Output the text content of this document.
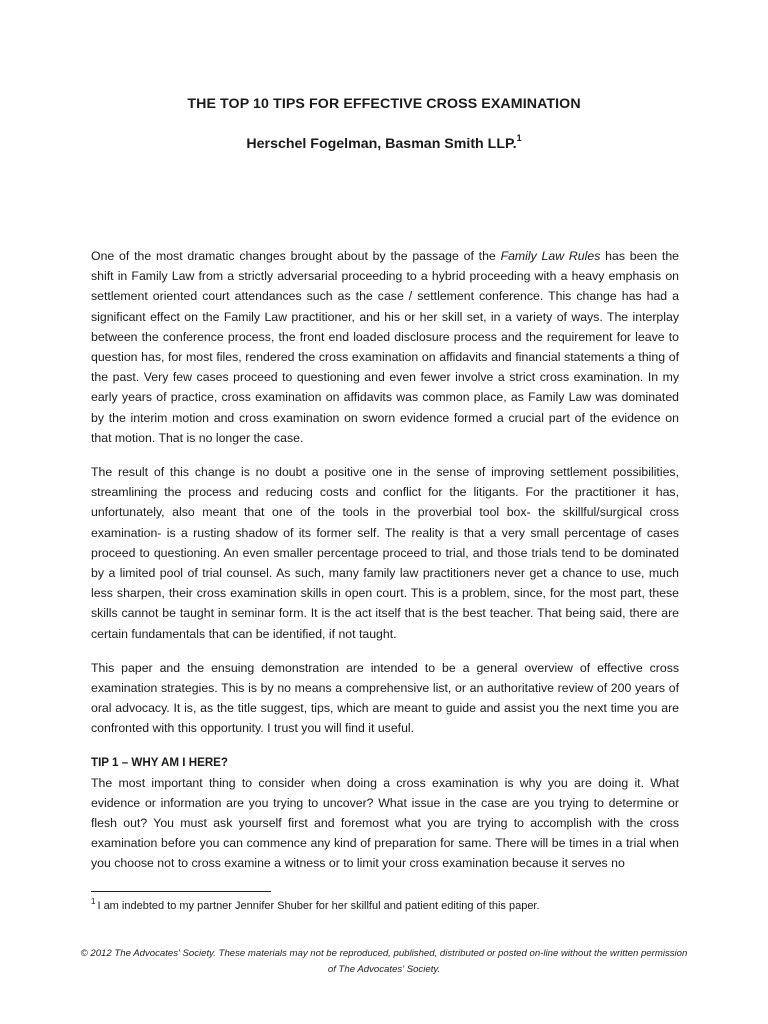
THE TOP 10 TIPS FOR EFFECTIVE CROSS EXAMINATION
Herschel Fogelman, Basman Smith LLP.$^1$

One of the most dramatic changes brought about by the passage of the Family Law Rules has been the shift in Family Law from a strictly adversarial proceeding to a hybrid proceeding with a heavy emphasis on settlement oriented court attendances such as the case / settlement conference. This change has had a significant effect on the Family Law practitioner, and his or her skill set, in a variety of ways. The interplay between the conference process, the front end loaded disclosure process and the requirement for leave to question has, for most files, rendered the cross examination on affidavits and financial statements a thing of the past. Very few cases proceed to questioning and even fewer involve a strict cross examination. In my early years of practice, cross examination on affidavits was common place, as Family Law was dominated by the interim motion and cross examination on sworn evidence formed a crucial part of the evidence on that motion. That is no longer the case.

The result of this change is no doubt a positive one in the sense of improving settlement possibilities, streamlining the process and reducing costs and conflict for the litigants. For the practitioner it has, unfortunately, also meant that one of the tools in the proverbial tool box- the skillful/surgical cross examination- is a rusting shadow of its former self. The reality is that a very small percentage of cases proceed to questioning. An even smaller percentage proceed to trial, and those trials tend to be dominated by a limited pool of trial counsel. As such, many family law practitioners never get a chance to use, much less sharpen, their cross examination skills in open court. This is a problem, since, for the most part, these skills cannot be taught in seminar form. It is the act itself that is the best teacher. That being said, there are certain fundamentals that can be identified, if not taught.

This paper and the ensuing demonstration are intended to be a general overview of effective cross examination strategies. This is by no means a comprehensive list, or an authoritative review of 200 years of oral advocacy. It is, as the title suggest, tips, which are meant to guide and assist you the next time you are confronted with this opportunity. I trust you will find it useful.

TIP 1 – WHY AM I HERE?

The most important thing to consider when doing a cross examination is why you are doing it. What evidence or information are you trying to uncover? What issue in the case are you trying to determine or flesh out? You must ask yourself first and foremost what you are trying to accomplish with the cross examination before you can commence any kind of preparation for same. There will be times in a trial when you choose not to cross examine a witness or to limit your cross examination because it serves no

$^1$ I am indebted to my partner Jennifer Shuber for her skillful and patient editing of this paper.
© 2012 The Advocates' Society. These materials may not be reproduced, published, distributed or posted on-line without the written permission
of The Advocates' Society.
